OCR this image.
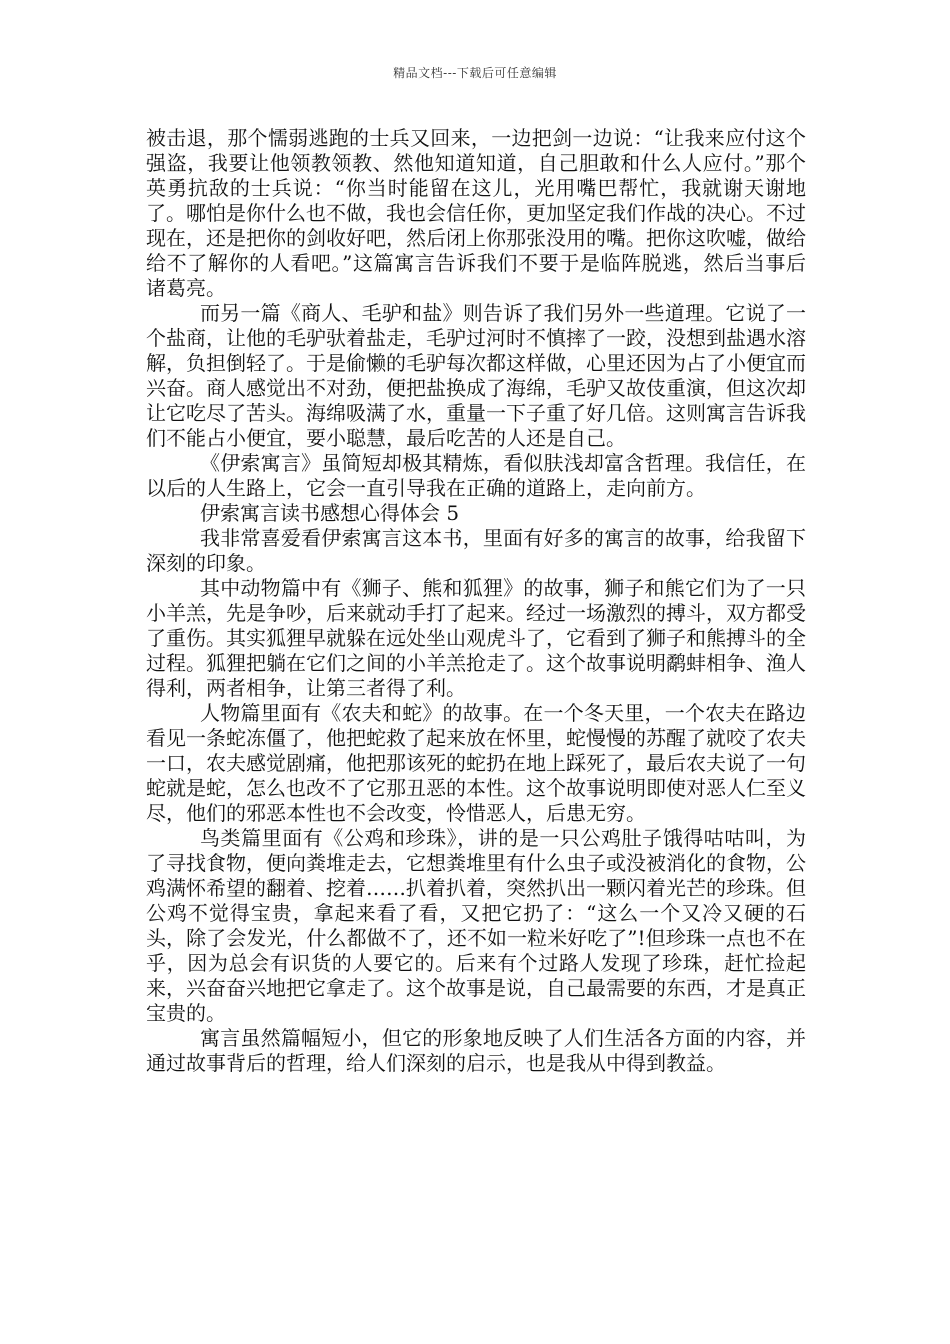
精品文档---下载后可任意编辑

被击退，那个懦弱逃跑的士兵又回来，一边把剑一边说：“让我来应付这个强盗，我要让他领教领教、然他知道知道，自己胆敢和什么人应付。”那个英勇抗敌的士兵说：“你当时能留在这儿，光用嘴巴帮忙，我就谢天谢地了。哪怕是你什么也不做，我也会信任你，更加坚定我们作战的决心。不过现在，还是把你的剑收好吧，然后闭上你那张没用的嘴。把你这吹嘘，做给给不了解你的人看吧。”这篇寓言告诉我们不要于是临阵脱逃，然后当事后诸葛亮。

而另一篇《商人、毛驴和盐》则告诉了我们另外一些道理。它说了一个盐商，让他的毛驴驮着盐走，毛驴过河时不慎摔了一跤，没想到盐遇水溶解，负担倒轻了。于是偷懒的毛驴每次都这样做，心里还因为占了小便宜而兴奋。商人感觉出不对劲，便把盐换成了海绵，毛驴又故伎重演，但这次却让它吃尽了苦头。海绵吸满了水，重量一下子重了好几倍。这则寓言告诉我们不能占小便宜，要小聪慧，最后吃苦的人还是自己。

《伊索寓言》虽简短却极其精炼，看似肤浅却富含哲理。我信任，在以后的人生路上，它会一直引导我在正确的道路上，走向前方。

伊索寓言读书感想心得体会 5

我非常喜爱看伊索寓言这本书，里面有好多的寓言的故事，给我留下深刻的印象。

其中动物篇中有《狮子、熊和狐狸》的故事，狮子和熊它们为了一只小羊羔，先是争吵，后来就动手打了起来。经过一场激烈的搏斗，双方都受了重伤。其实狐狸早就躲在远处坐山观虎斗了，它看到了狮子和熊搏斗的全过程。狐狸把躺在它们之间的小羊羔抢走了。这个故事说明鹬蚌相争、渔人得利，两者相争，让第三者得了利。

人物篇里面有《农夫和蛇》的故事。在一个冬天里，一个农夫在路边看见一条蛇冻僵了，他把蛇救了起来放在怀里，蛇慢慢的苏醒了就咬了农夫一口，农夫感觉剧痛，他把那该死的蛇扔在地上踩死了，最后农夫说了一句蛇就是蛇，怎么也改不了它那丑恶的本性。这个故事说明即使对恶人仁至义尽，他们的邪恶本性也不会改变，怜惜恶人，后患无穷。

鸟类篇里面有《公鸡和珍珠》，讲的是一只公鸡肚子饿得咕咕叫，为了寻找食物，便向粪堆走去，它想粪堆里有什么虫子或没被消化的食物，公鸡满怀希望的翻着、挖着……扒着扒着，突然扒出一颗闪着光芒的珍珠。但公鸡不觉得宝贵，拿起来看了看，又把它扔了：“这么一个又冷又硬的石头，除了会发光，什么都做不了，还不如一粒米好吃了”!但珍珠一点也不在乎，因为总会有识货的人要它的。后来有个过路人发现了珍珠，赶忙捡起来，兴奋奋兴地把它拿走了。这个故事是说，自己最需要的东西，才是真正宝贵的。

寓言虽然篇幅短小，但它的形象地反映了人们生活各方面的内容，并通过故事背后的哲理，给人们深刻的启示，也是我从中得到教益。
